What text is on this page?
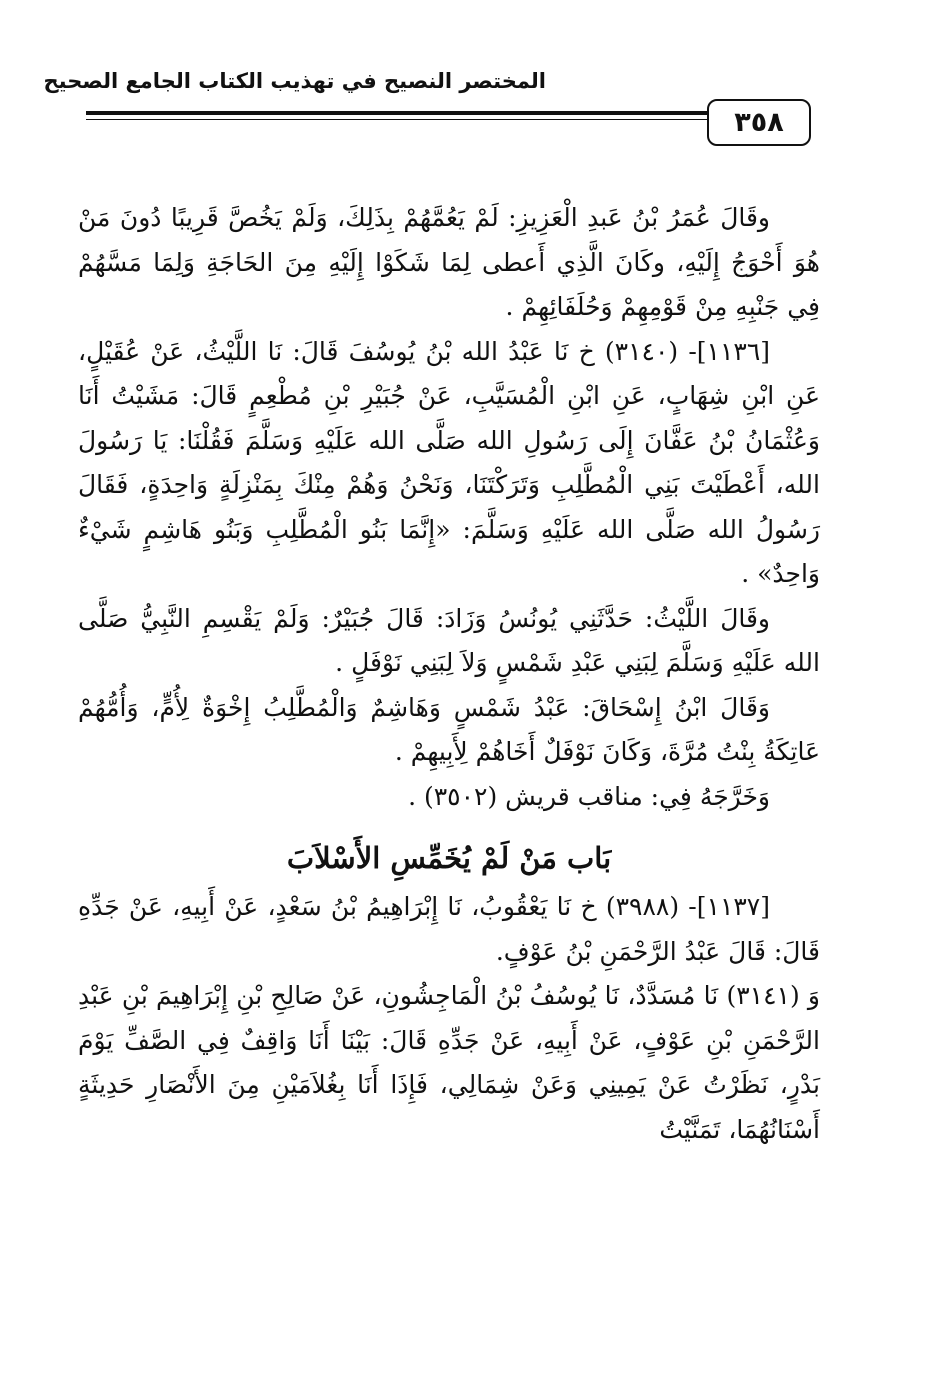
المختصر النصيح في تهذيب الكتاب الجامع الصحيح
٣٥٨

وقَالَ عُمَرُ بْنُ عَبدِ الْعَزِيزِ: لَمْ يَعُمَّهُمْ بِذَلِكَ، وَلَمْ يَخُصَّ قَرِيبًا دُونَ مَنْ هُوَ أَحْوَجُ إِلَيْهِ، وكَانَ الَّذِي أَعطى لِمَا شَكَوْا إِلَيْهِ مِنَ الحَاجَةِ وَلِمَا مَسَّهُمْ فِي جَنْبِهِ مِنْ قَوْمِهِمْ وَحُلَفَائِهِمْ .

[١١٣٦]- (٣١٤٠) خ نَا عَبْدُ الله بْنُ يُوسُفَ قَالَ: نَا اللَّيْثُ، عَنْ عُقَيْلٍ، عَنِ ابْنِ شِهَابٍ، عَنِ ابْنِ الْمُسَيَّبِ، عَنْ جُبَيْرِ بْنِ مُطْعِمٍ قَالَ: مَشَيْتُ أَنَا وَعُثْمَانُ بْنُ عَفَّانَ إِلَى رَسُولِ الله صَلَّى الله عَلَيْهِ وَسَلَّمَ فَقُلْنَا: يَا رَسُولَ الله، أَعْطَيْتَ بَنِي الْمُطَّلِبِ وَتَرَكْتَنَا، وَنَحْنُ وَهُمْ مِنْكَ بِمَنْزِلَةٍ وَاحِدَةٍ، فَقَالَ رَسُولُ الله صَلَّى الله عَلَيْهِ وَسَلَّمَ: «إِنَّمَا بَنُو الْمُطَّلِبِ وَبَنُو هَاشِمٍ شَيْءٌ وَاحِدٌ» .

وقَالَ اللَّيْثُ: حَدَّثَنِي يُونُسُ وَزَادَ: قَالَ جُبَيْرٌ: وَلَمْ يَقْسِمِ النَّبِيُّ صَلَّى الله عَلَيْهِ وَسَلَّمَ لِبَنِي عَبْدِ شَمْسٍ وَلاَ لِبَنِي نَوْفَلٍ .

وَقَالَ ابْنُ إِسْحَاقَ: عَبْدُ شَمْسٍ وَهَاشِمٌ وَالْمُطَّلِبُ إِخْوَةٌ لِأُمٍّ، وَأُمُّهُمْ عَاتِكَةُ بِنْتُ مُرَّةَ، وَكَانَ نَوْفَلٌ أَخَاهُمْ لِأَبِيهِمْ .

وَخَرَّجَهُ فِي: مناقب قريش (٣٥٠٢) .

بَاب مَنْ لَمْ يُخَمِّسِ الأَسْلاَبَ

[١١٣٧]- (٣٩٨٨) خ نَا يَعْقُوبُ، نَا إِبْرَاهِيمُ بْنُ سَعْدٍ، عَنْ أَبِيهِ، عَنْ جَدِّهِ قَالَ: قَالَ عَبْدُ الرَّحْمَنِ بْنُ عَوْفٍ.

وَ (٣١٤١) نَا مُسَدَّدٌ، نَا يُوسُفُ بْنُ الْمَاجِشُونِ، عَنْ صَالِحِ بْنِ إِبْرَاهِيمَ بْنِ عَبْدِ الرَّحْمَنِ بْنِ عَوْفٍ، عَنْ أَبِيهِ، عَنْ جَدِّهِ قَالَ: بَيْنَا أَنَا وَاقِفٌ فِي الصَّفِّ يَوْمَ بَدْرٍ، نَظَرْتُ عَنْ يَمِينِي وَعَنْ شِمَالِي، فَإِذَا أَنَا بِغُلاَمَيْنِ مِنَ الأَنْصَارِ حَدِيثَةٍ أَسْنَانُهُمَا، تَمَنَّيْتُ
